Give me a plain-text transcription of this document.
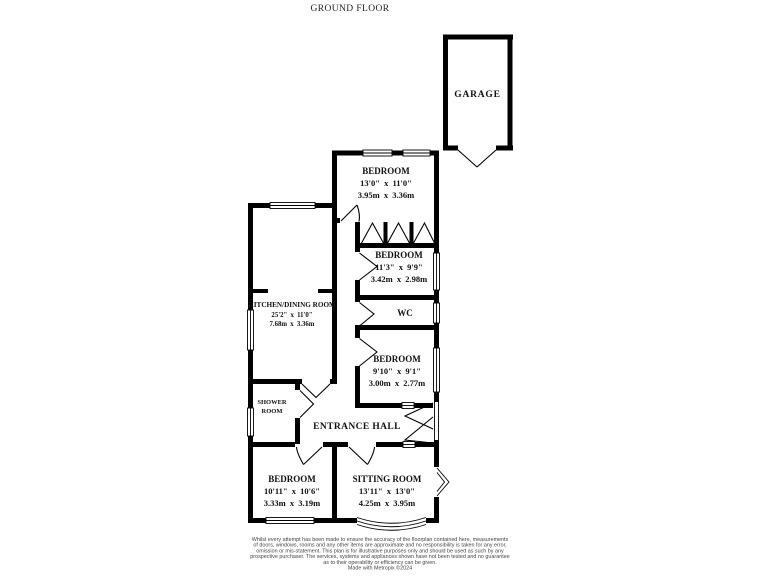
GROUND FLOOR
GARAGE
BEDROOM
13'0" x 11'0"
3.95m x 3.36m
BEDROOM
11'3" x 9'9"
3.42m x 2.98m
WC
BEDROOM
9'10" x 9'1"
3.00m x 2.77m
KITCHEN/DINING ROOM
25'2" x 11'0"
7.68m x 3.36m
SHOWER
ROOM
ENTRANCE HALL
BEDROOM
10'11" x 10'6"
3.33m x 3.19m
SITTING ROOM
13'11" x 13'0"
4.25m x 3.95m
Whilst every attempt has been made to ensure the accuracy of the floorplan contained here, measurements
of doors, windows, rooms and any other items are approximate and no responsibility is taken for any error,
omission or mis-statement. This plan is for illustrative purposes only and should be used as such by any
prospective purchaser. The services, systems and appliances shown have not been tested and no guarantee
as to their operability or efficiency can be given.
Made with Metropix ©2024
